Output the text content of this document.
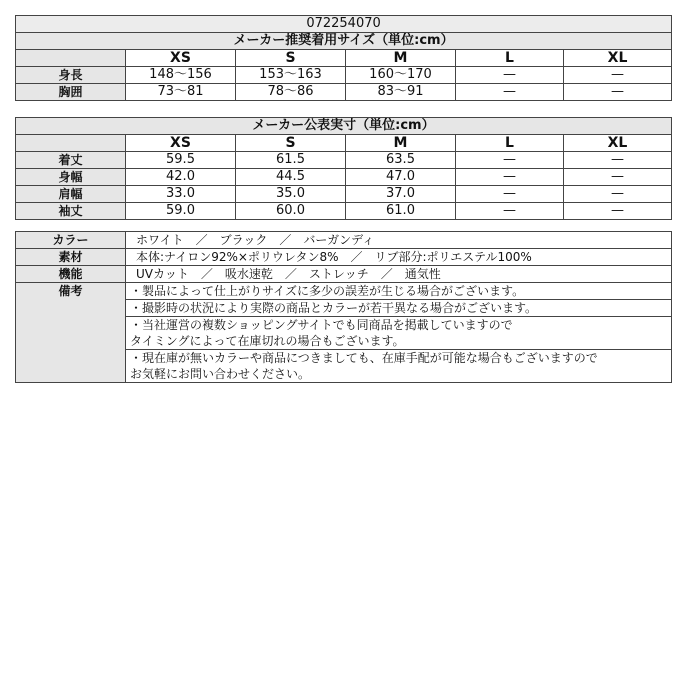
072254070					
メーカー推奨着用サイズ（単位:cm）					
	XS	S	M	L	XL
身長	148～156	153～163	160～170	—	—
胸囲	73～81	78～86	83～91	—	—
メーカー公表実寸（単位:cm）					
	XS	S	M	L	XL
着丈	59.5	61.5	63.5	—	—
身幅	42.0	44.5	47.0	—	—
肩幅	33.0	35.0	37.0	—	—
袖丈	59.0	60.0	61.0	—	—
カラー	ホワイト　／　ブラック　／　バーガンディ
素材	本体:ナイロン92%×ポリウレタン8%　／　リブ部分:ポリエステル100%
機能	UVカット　／　吸水速乾　／　ストレッチ　／　通気性
備考	・製品によって仕上がりサイズに多少の誤差が生じる場合がございます。
	・撮影時の状況により実際の商品とカラーが若干異なる場合がございます。
	・当社運営の複数ショッピングサイトでも同商品を掲載していますので
タイミングによって在庫切れの場合もございます。
	・現在庫が無いカラーや商品につきましても、在庫手配が可能な場合もございますので
お気軽にお問い合わせください。
